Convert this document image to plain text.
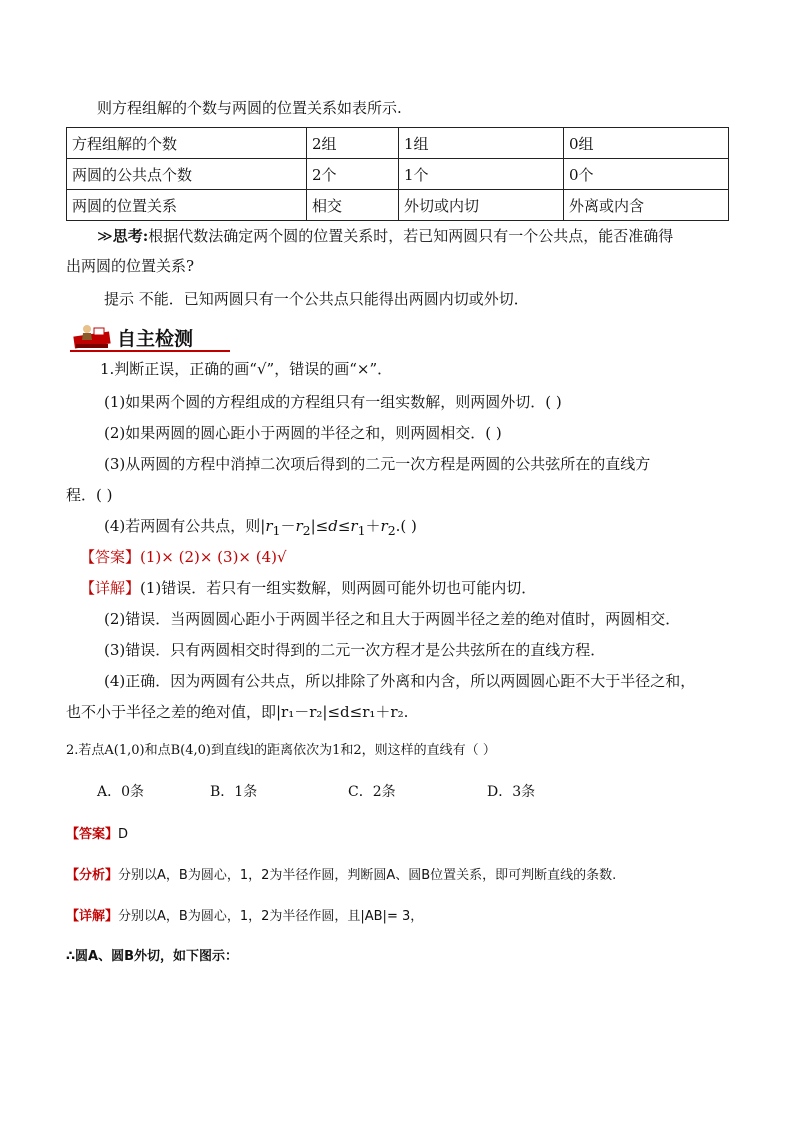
则方程组解的个数与两圆的位置关系如表所示.
方程组解的个数	2组	1组	0组
两圆的公共点个数	2个	1个	0个
两圆的位置关系	相交	外切或内切	外离或内含
≫思考:根据代数法确定两个圆的位置关系时，若已知两圆只有一个公共点，能否准确得
出两圆的位置关系?
提示 不能．已知两圆只有一个公共点只能得出两圆内切或外切．
自主检测
1.判断正误，正确的画“√”，错误的画“×”．
(1)如果两个圆的方程组成的方程组只有一组实数解，则两圆外切．( )
(2)如果两圆的圆心距小于两圆的半径之和，则两圆相交．( )
(3)从两圆的方程中消掉二次项后得到的二元一次方程是两圆的公共弦所在的直线方
程．( )
(4)若两圆有公共点，则$|r_1-r_2|\le d\le r_1+r_2$.( )
【答案】(1)× (2)× (3)× (4)√
【详解】(1)错误．若只有一组实数解，则两圆可能外切也可能内切．
(2)错误．当两圆圆心距小于两圆半径之和且大于两圆半径之差的绝对值时，两圆相交．
(3)错误．只有两圆相交时得到的二元一次方程才是公共弦所在的直线方程．
(4)正确．因为两圆有公共点，所以排除了外离和内含，所以两圆圆心距不大于半径之和，
也不小于半径之差的绝对值，即|r₁－r₂|≤d≤r₁＋r₂.
2.若点A(1,0)和点B(4,0)到直线l的距离依次为1和2，则这样的直线有（ ）
A．0条	B．1条	C．2条	D．3条
【答案】D
【分析】分别以A，B为圆心，1，2为半径作圆，判断圆A、圆B位置关系，即可判断直线的条数.
【详解】分别以A，B为圆心，1，2为半径作圆，且|AB|= 3，
∴圆A、圆B外切，如下图示：
